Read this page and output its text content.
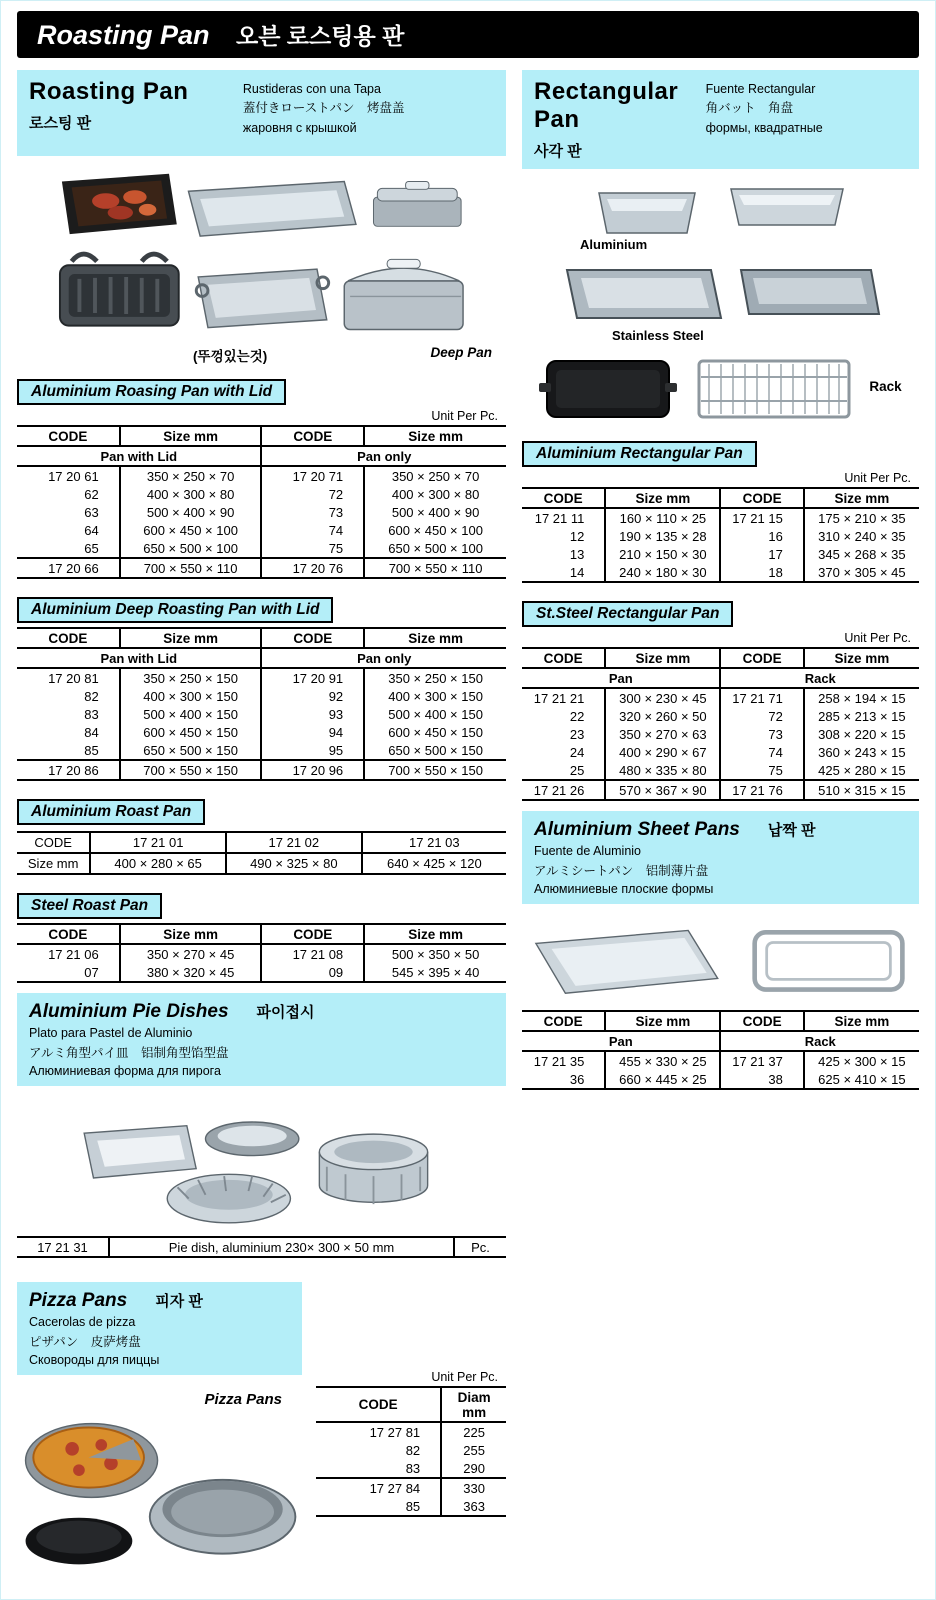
Roasting Pan 오븐 로스팅용 판
Roasting Pan
로스팅 판
Rustideras con una Tapa
蓋付きローストパン　烤盘盖
жаровня с крышкой
(뚜껑있는것)	Deep Pan
Aluminium Roasing Pan with Lid
Unit Per Pc.
CODE	Size mm	CODE	Size mm
Pan with Lid		Pan only	
17 20 61	350 × 250 × 70	17 20 71	350 × 250 × 70
62	400 × 300 × 80	72	400 × 300 × 80
63	500 × 400 × 90	73	500 × 400 × 90
64	600 × 450 × 100	74	600 × 450 × 100
65	650 × 500 × 100	75	650 × 500 × 100
17 20 66	700 × 550 × 110	17 20 76	700 × 550 × 110
Aluminium Deep Roasting Pan with Lid
CODE	Size mm	CODE	Size mm
Pan with Lid		Pan only	
17 20 81	350 × 250 × 150	17 20 91	350 × 250 × 150
82	400 × 300 × 150	92	400 × 300 × 150
83	500 × 400 × 150	93	500 × 400 × 150
84	600 × 450 × 150	94	600 × 450 × 150
85	650 × 500 × 150	95	650 × 500 × 150
17 20 86	700 × 550 × 150	17 20 96	700 × 550 × 150
Aluminium Roast Pan
CODE	17 21 01	17 21 02	17 21 03
Size mm	400 × 280 × 65	490 × 325 × 80	640 × 425 × 120
Steel Roast Pan
CODE	Size mm	CODE	Size mm
17 21 06	350 × 270 × 45	17 21 08	500 × 350 × 50
07	380 × 320 × 45	09	545 × 395 × 40
Aluminium Pie Dishes 파이접시
Plato para Pastel de Aluminio
アルミ角型パイ皿　铝制角型馅型盘
Алюминиевая форма для пирога
17 21 31	Pie dish, aluminium 230× 300 × 50 mm	Pc.
Pizza Pans 피자 판
Cacerolas de pizza
ピザパン　皮萨烤盘
Сковороды для пиццы
Pizza Pans
Unit Per Pc.
CODE	Diam mm
17 27 81	225
82	255
83	290
17 27 84	330
85	363
Rectangular Pan
사각 판
Fuente Rectangular
角バット　角盘
формы, квадратные
Aluminium
Stainless Steel
Rack
Aluminium Rectangular Pan
Unit Per Pc.
CODE	Size mm	CODE	Size mm
17 21 11	160 × 110 × 25	17 21 15	175 × 210 × 35
12	190 × 135 × 28	16	310 × 240 × 35
13	210 × 150 × 30	17	345 × 268 × 35
14	240 × 180 × 30	18	370 × 305 × 45
St.Steel Rectangular Pan
Unit Per Pc.
CODE	Size mm	CODE	Size mm
Pan		Rack	
17 21 21	300 × 230 × 45	17 21 71	258 × 194 × 15
22	320 × 260 × 50	72	285 × 213 × 15
23	350 × 270 × 63	73	308 × 220 × 15
24	400 × 290 × 67	74	360 × 243 × 15
25	480 × 335 × 80	75	425 × 280 × 15
17 21 26	570 × 367 × 90	17 21 76	510 × 315 × 15
Aluminium Sheet Pans 납짝 판
Fuente de Aluminio
アルミシートパン　铝制薄片盘
Алюминиевые плоские формы
CODE	Size mm	CODE	Size mm
Pan		Rack	
17 21 35	455 × 330 × 25	17 21 37	425 × 300 × 15
36	660 × 445 × 25	38	625 × 410 × 15
